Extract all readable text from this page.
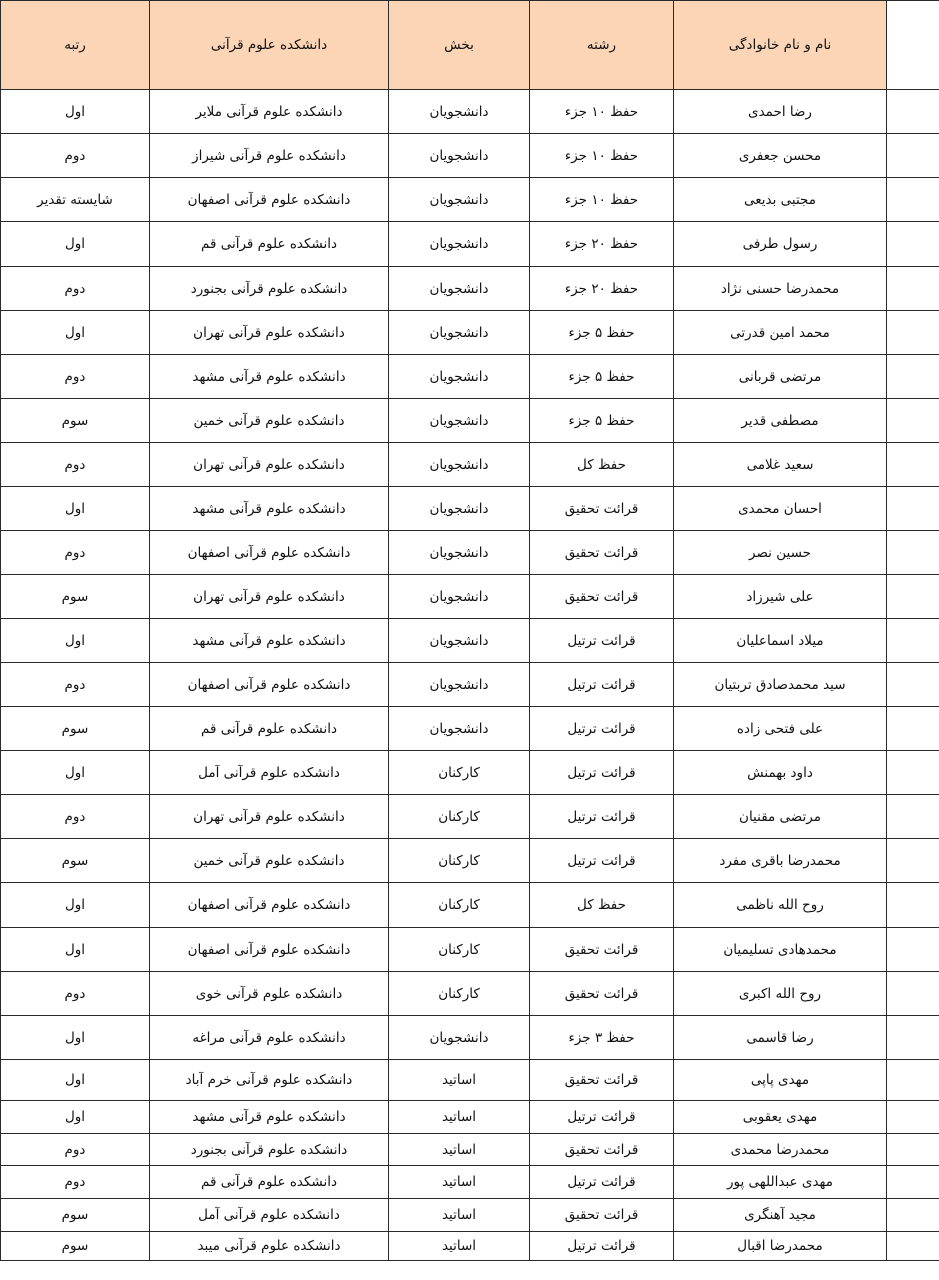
رتبه	دانشکده علوم قرآنی	بخش	رشته	نام و نام خانوادگی	
اول	دانشکده علوم قرآنی ملایر	دانشجویان	حفظ ۱۰ جزء	رضا احمدی	
دوم	دانشکده علوم قرآنی شیراز	دانشجویان	حفظ ۱۰ جزء	محسن جعفری	
شایسته تقدیر	دانشکده علوم قرآنی اصفهان	دانشجویان	حفظ ۱۰ جزء	مجتبی بدیعی	
اول	دانشکده علوم قرآنی قم	دانشجویان	حفظ ۲۰ جزء	رسول طرفی	
دوم	دانشکده علوم قرآنی بجنورد	دانشجویان	حفظ ۲۰ جزء	محمدرضا حسنی نژاد	
اول	دانشکده علوم قرآنی تهران	دانشجویان	حفظ ۵ جزء	محمد امین قدرتی	
دوم	دانشکده علوم قرآنی مشهد	دانشجویان	حفظ ۵ جزء	مرتضی قربانی	
سوم	دانشکده علوم قرآنی خمین	دانشجویان	حفظ ۵ جزء	مصطفی قدیر	
دوم	دانشکده علوم قرآنی تهران	دانشجویان	حفظ کل	سعید غلامی	
اول	دانشکده علوم قرآنی مشهد	دانشجویان	قرائت تحقیق	احسان محمدی	
دوم	دانشکده علوم قرآنی اصفهان	دانشجویان	قرائت تحقیق	حسین نصر	
سوم	دانشکده علوم قرآنی تهران	دانشجویان	قرائت تحقیق	علی شیرزاد	
اول	دانشکده علوم قرآنی مشهد	دانشجویان	قرائت ترتیل	میلاد اسماعلیان	
دوم	دانشکده علوم قرآنی اصفهان	دانشجویان	قرائت ترتیل	سید محمدصادق تربتیان	
سوم	دانشکده علوم قرآنی قم	دانشجویان	قرائت ترتیل	علی فتحی زاده	
اول	دانشکده علوم قرآنی آمل	کارکنان	قرائت ترتیل	داود بهمنش	
دوم	دانشکده علوم قرآنی تهران	کارکنان	قرائت ترتیل	مرتضی مقنیان	
سوم	دانشکده علوم قرآنی خمین	کارکنان	قرائت ترتیل	محمدرضا باقری مفرد	
اول	دانشکده علوم قرآنی اصفهان	کارکنان	حفظ کل	روح الله ناظمی	
اول	دانشکده علوم قرآنی اصفهان	کارکنان	قرائت تحقیق	محمدهادی تسلیمیان	
دوم	دانشکده علوم قرآنی خوی	کارکنان	قرائت تحقیق	روح الله اکبری	
اول	دانشکده علوم قرآنی مراغه	دانشجویان	حفظ ۳ جزء	رضا قاسمی	
اول	دانشکده علوم قرآنی خرم آباد	اساتید	قرائت تحقیق	مهدی پاپی	
اول	دانشکده علوم قرآنی مشهد	اساتید	قرائت ترتیل	مهدی یعقوبی	
دوم	دانشکده علوم قرآنی بجنورد	اساتید	قرائت تحقیق	محمدرضا محمدی	
دوم	دانشکده علوم قرآنی قم	اساتید	قرائت ترتیل	مهدی عبداللهی پور	
سوم	دانشکده علوم قرآنی آمل	اساتید	قرائت تحقیق	مجید آهنگری	
سوم	دانشکده علوم قرآنی میبد	اساتید	قرائت ترتیل	محمدرضا اقبال	
